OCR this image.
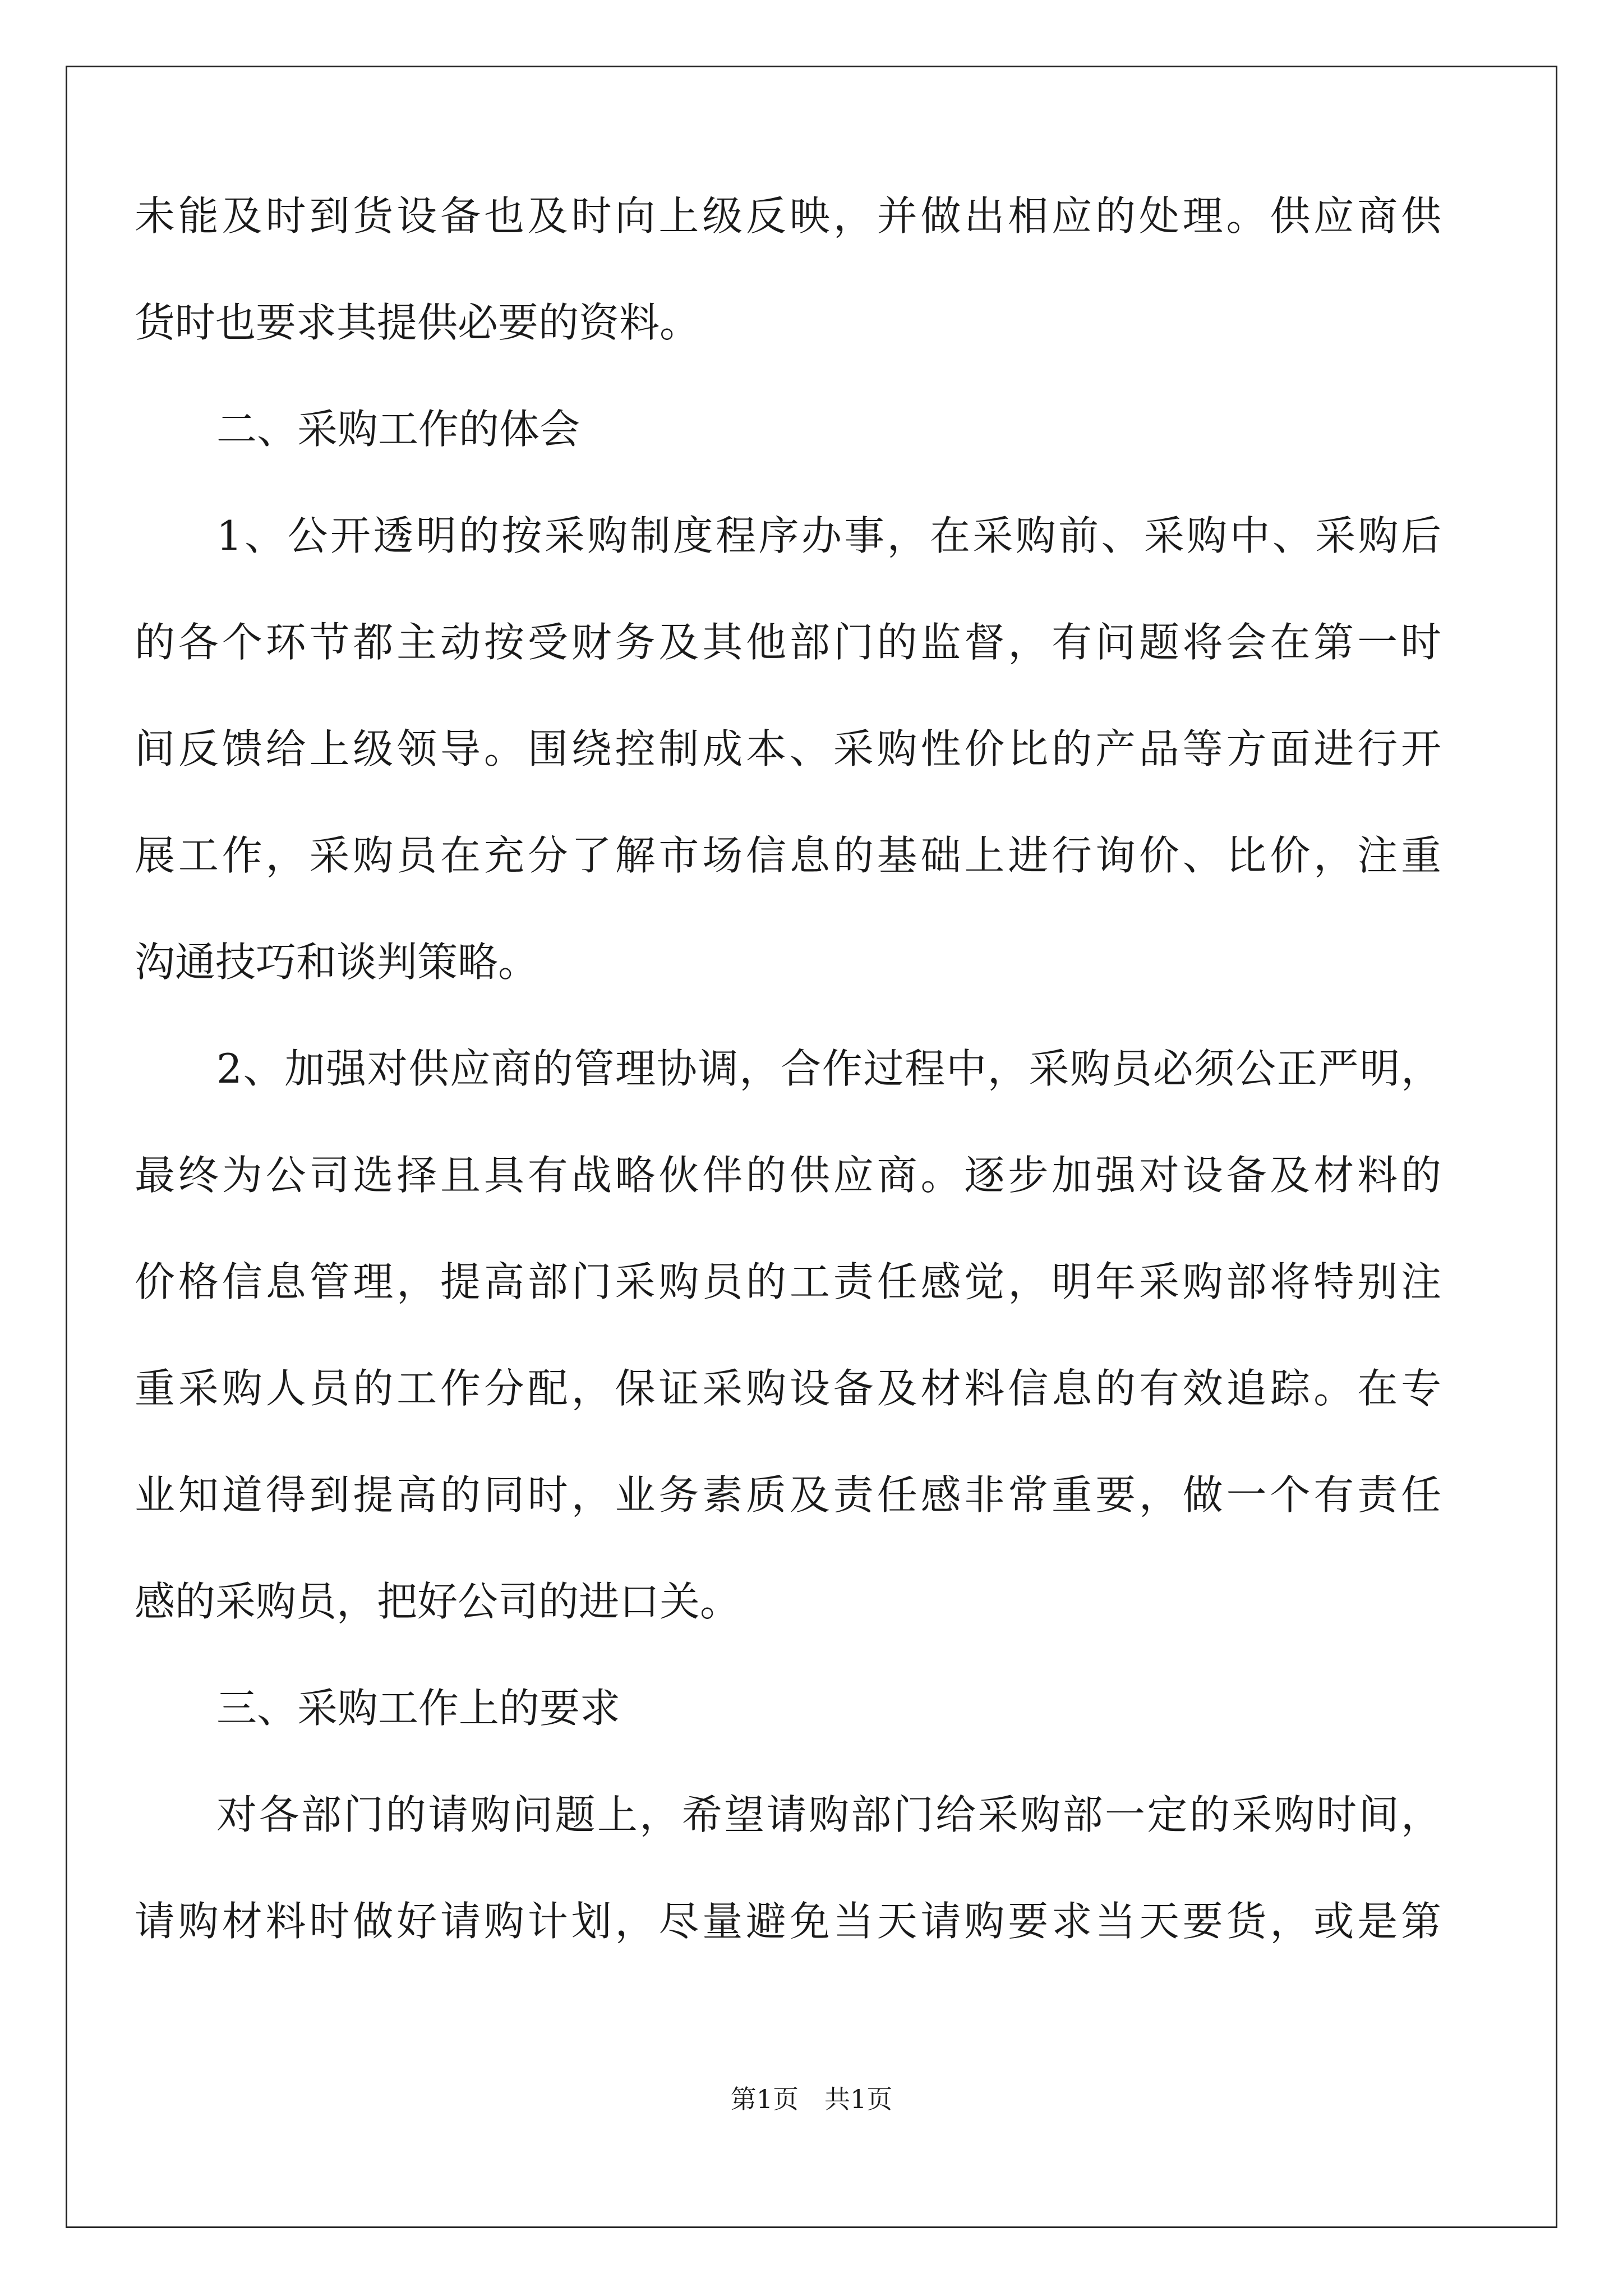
未能及时到货设备也及时向上级反映，并做出相应的处理。供应商供
货时也要求其提供必要的资料。
二、采购工作的体会
1、公开透明的按采购制度程序办事，在采购前、采购中、采购后
的各个环节都主动按受财务及其他部门的监督，有问题将会在第一时
间反馈给上级领导。围绕控制成本、采购性价比的产品等方面进行开
展工作，采购员在充分了解市场信息的基础上进行询价、比价，注重
沟通技巧和谈判策略。
2、加强对供应商的管理协调，合作过程中，采购员必须公正严明，
最终为公司选择且具有战略伙伴的供应商。逐步加强对设备及材料的
价格信息管理，提高部门采购员的工责任感觉，明年采购部将特别注
重采购人员的工作分配，保证采购设备及材料信息的有效追踪。在专
业知道得到提高的同时，业务素质及责任感非常重要，做一个有责任
感的采购员，把好公司的进口关。
三、采购工作上的要求
对各部门的请购问题上，希望请购部门给采购部一定的采购时间，
请购材料时做好请购计划，尽量避免当天请购要求当天要货，或是第
第1页　共1页
